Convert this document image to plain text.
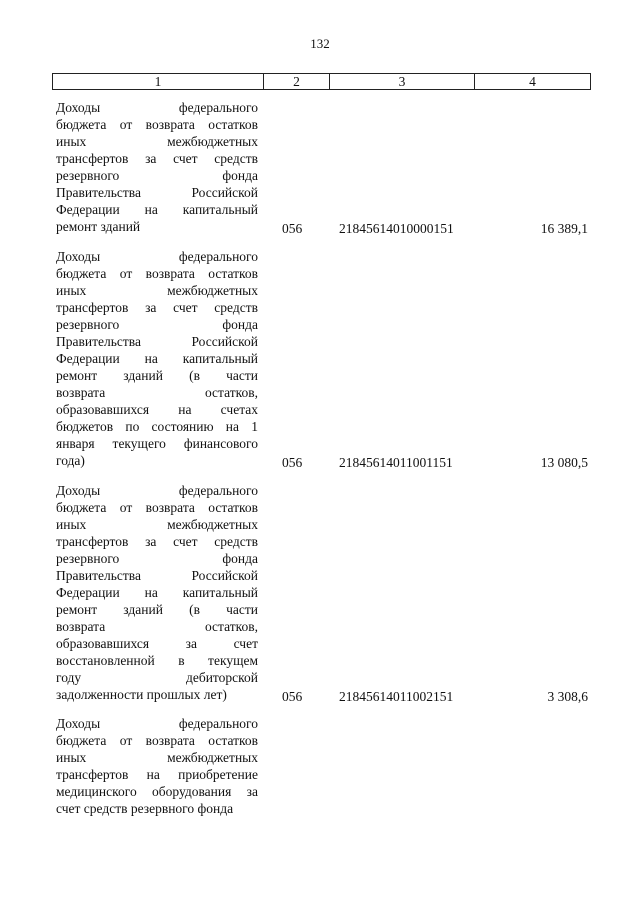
132
1	2	3	4
Доходы федерального
бюджета от возврата остатков
иных межбюджетных
трансфертов за счет средств
резервного фонда
Правительства Российской
Федерации на капитальный
ремонт зданий	056	21845614010000151	16 389,1
Доходы федерального
бюджета от возврата остатков
иных межбюджетных
трансфертов за счет средств
резервного фонда
Правительства Российской
Федерации на капитальный
ремонт зданий (в части
возврата остатков,
образовавшихся на счетах
бюджетов по состоянию на 1
января текущего финансового
года)	056	21845614011001151	13 080,5
Доходы федерального
бюджета от возврата остатков
иных межбюджетных
трансфертов за счет средств
резервного фонда
Правительства Российской
Федерации на капитальный
ремонт зданий (в части
возврата остатков,
образовавшихся за счет
восстановленной в текущем
году дебиторской
задолженности прошлых лет)	056	21845614011002151	3 308,6
Доходы федерального
бюджета от возврата остатков
иных межбюджетных
трансфертов на приобретение
медицинского оборудования за
счет средств резервного фонда
